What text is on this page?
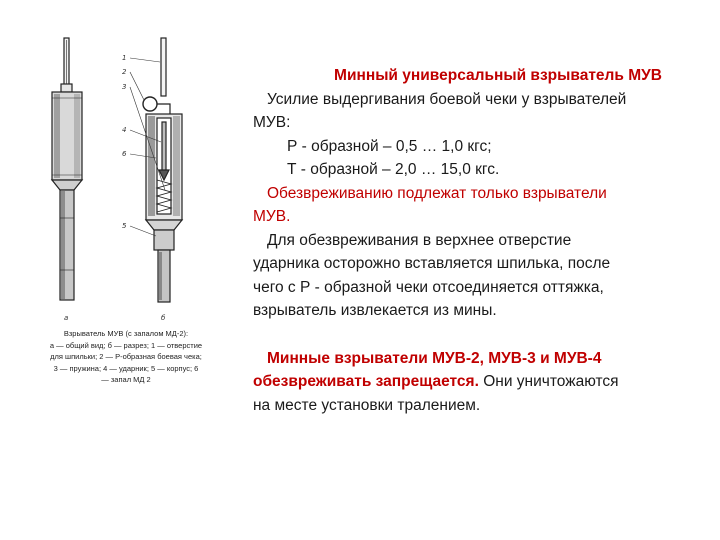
1
2
3
4
6
5
а	б
Взрыватель МУВ (с запалом МД-2):
а — общий вид; б — разрез; 1 — отверстие
для шпильки; 2 — Р-образная боевая чека;
3 — пружина; 4 — ударник; 5 — корпус; 6
— запал МД 2
Минный универсальный взрыватель МУВ
Усилие выдергивания боевой чеки у взрывателей
МУВ:
Р - образной – 0,5 … 1,0 кгс;
Т - образной – 2,0 … 15,0 кгс.
Обезвреживанию подлежат только взрыватели
МУВ.
Для обезвреживания в верхнее отверстие
ударника осторожно вставляется шпилька, после
чего с Р - образной чеки отсоединяется оттяжка,
взрыватель извлекается из мины.
Минные взрыватели МУВ-2, МУВ-3 и МУВ-4
обезвреживать запрещается. Они уничтожаются
на месте установки тралением.
